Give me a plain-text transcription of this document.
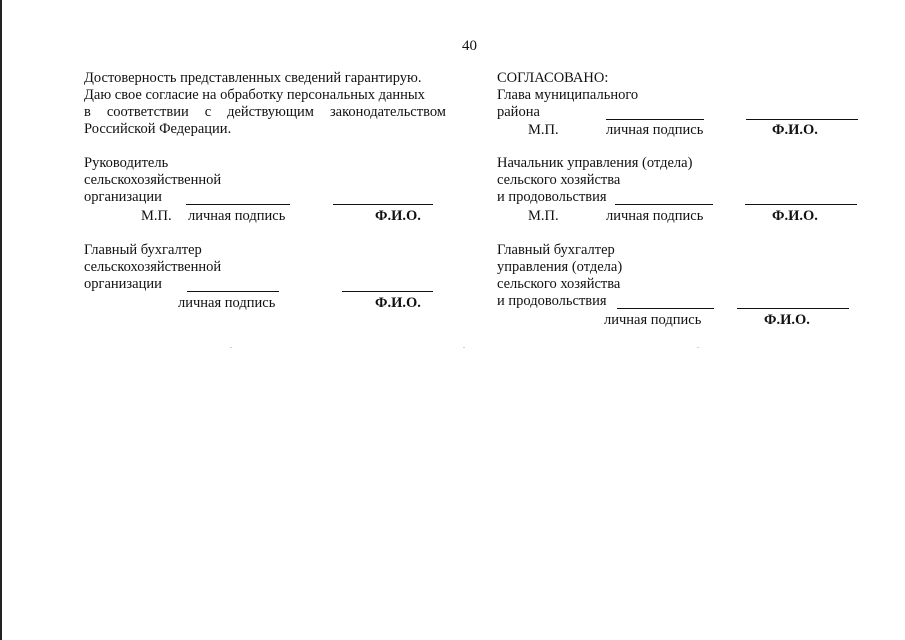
40
Достоверность представленных сведений гарантирую.
Даю свое согласие на обработку персональных данных
в соответствии с действующим законодательством
Российской Федерации.
Руководитель
сельскохозяйственной
организации
М.П. личная подпись	Ф.И.О.
Главный бухгалтер
сельскохозяйственной
организации
личная подпись	Ф.И.О.
СОГЛАСОВАНО:
Глава муниципального
района
М.П.	личная подпись	Ф.И.О.
Начальник управления (отдела)
сельского хозяйства
и продовольствия
М.П.	личная подпись	Ф.И.О.
Главный бухгалтер
управления (отдела)
сельского хозяйства
и продовольствия
личная подпись	Ф.И.О.
